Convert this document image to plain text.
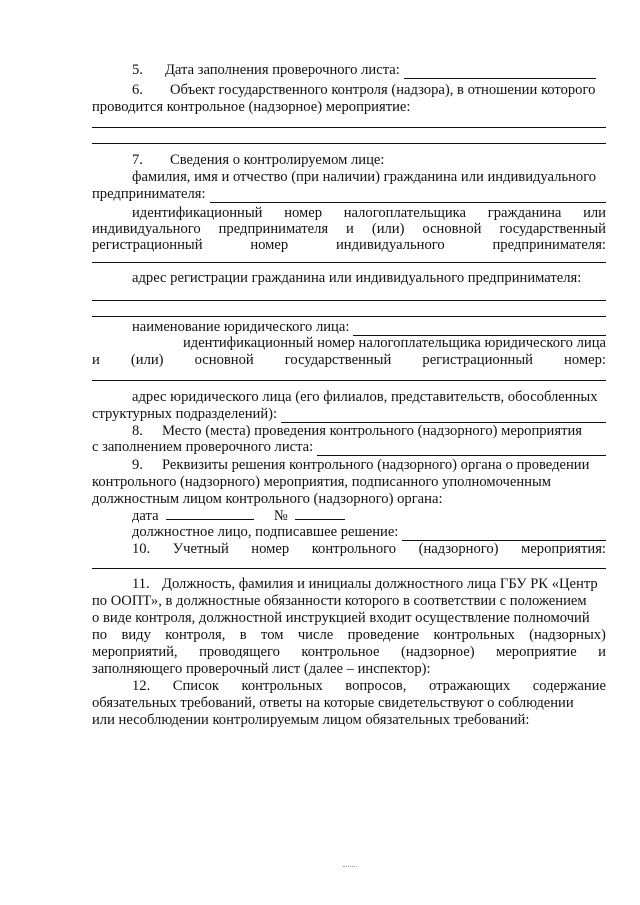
5. Дата заполнения проверочного листа:
6. Объект государственного контроля (надзора), в отношении которого
проводится контрольное (надзорное) мероприятие:
7. Сведения о контролируемом лице:
фамилия, имя и отчество (при наличии) гражданина или индивидуального
предпринимателя:
идентификационный номер налогоплательщика гражданина или
индивидуального предпринимателя и (или) основной государственный
регистрационный	номер	индивидуального	предпринимателя:
адрес регистрации гражданина или индивидуального предпринимателя:
наименование юридического лица:
идентификационный номер налогоплательщика юридического лица
и (или) основной государственный регистрационный номер:
адрес юридического лица (его филиалов, представительств, обособленных
структурных подразделений):
8. Место (места) проведения контрольного (надзорного) мероприятия
с заполнением проверочного листа:
9. Реквизиты решения контрольного (надзорного) органа о проведении
контрольного (надзорного) мероприятия, подписанного уполномоченным
должностным лицом контрольного (надзорного) органа:
дата	№
должностное лицо, подписавшее решение:
10. Учетный номер контрольного (надзорного) мероприятия:
11. Должность, фамилия и инициалы должностного лица ГБУ РК «Центр
по ООПТ», в должностные обязанности которого в соответствии с положением
о виде контроля, должностной инструкцией входит осуществление полномочий
по виду контроля, в том числе проведение контрольных (надзорных)
мероприятий, проводящего контрольное (надзорное) мероприятие и
заполняющего проверочный лист (далее – инспектор):
12. Список контрольных вопросов, отражающих содержание
обязательных требований, ответы на которые свидетельствуют о соблюдении
или несоблюдении контролируемым лицом обязательных требований:
